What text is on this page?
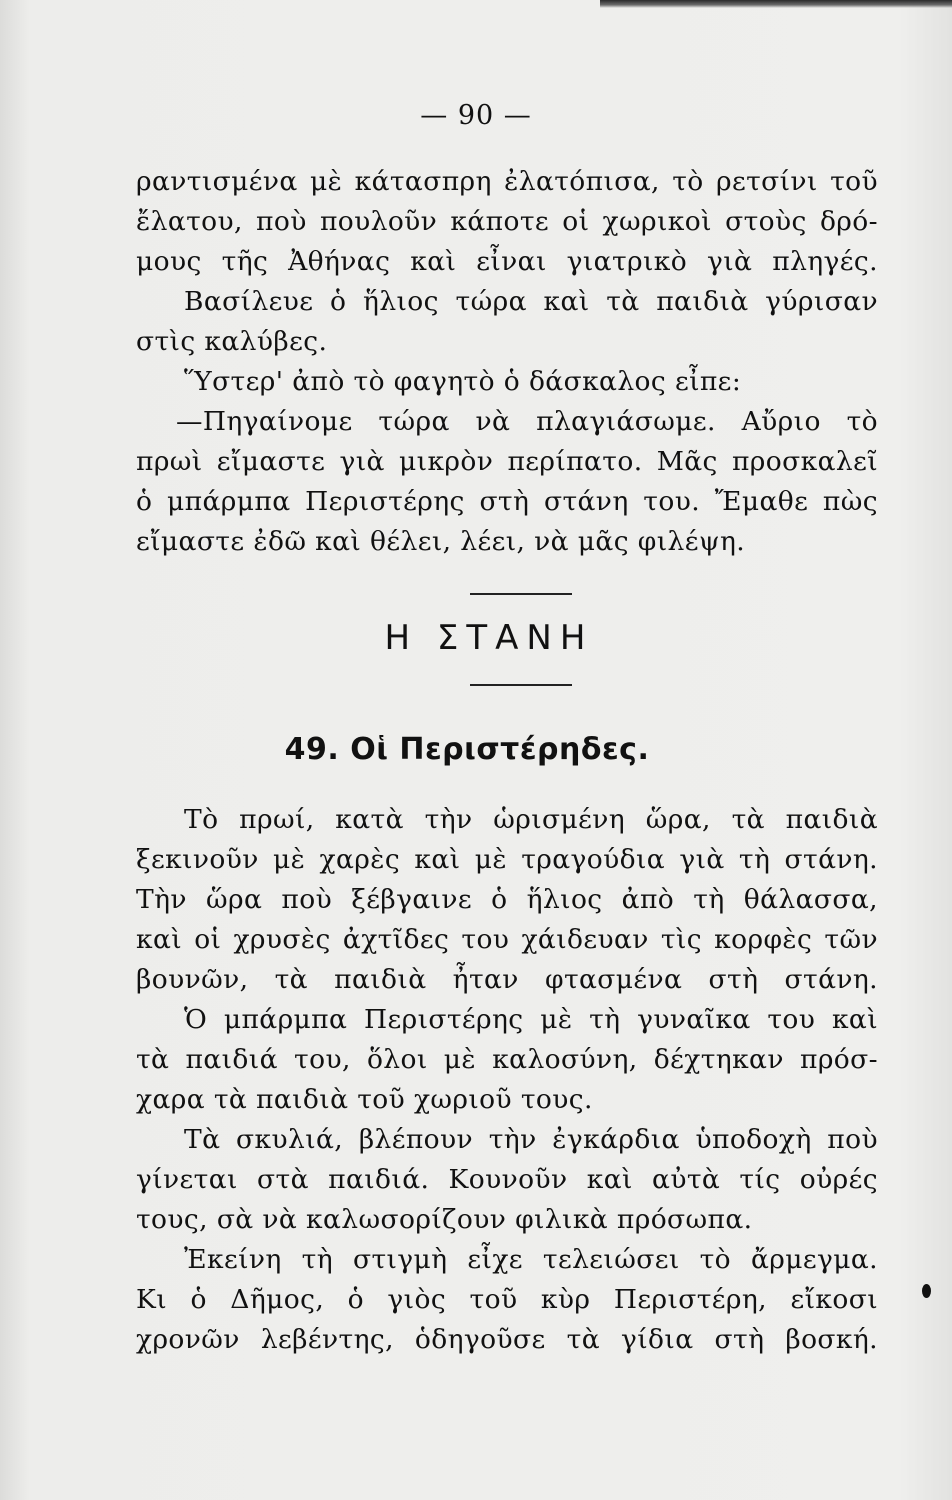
— 90 —
ραντισμένα μὲ κάτασπρη ἐλατόπισα, τὸ ρετσίνι τοῦ
ἔλατου, ποὺ πουλοῦν κάποτε οἱ χωρικοὶ στοὺς δρό-
μους τῆς Ἀθήνας καὶ εἶναι γιατρικὸ γιὰ πληγές.
Βασίλευε ὁ ἥλιος τώρα καὶ τὰ παιδιὰ γύρισαν
στὶς καλύβες.
Ὕστερ' ἀπὸ τὸ φαγητὸ ὁ δάσκαλος εἶπε:
—Πηγαίνομε τώρα νὰ πλαγιάσωμε. Αὔριο τὸ
πρωὶ εἴμαστε γιὰ μικρὸν περίπατο. Μᾶς προσκαλεῖ
ὁ μπάρμπα Περιστέρης στὴ στάνη του. Ἔμαθε πὼς
εἴμαστε ἐδῶ καὶ θέλει, λέει, νὰ μᾶς φιλέψη.
Η ΣΤΑΝΗ
49. Οἱ Περιστέρηδες.
Τὸ πρωί, κατὰ τὴν ὡρισμένη ὥρα, τὰ παιδιὰ
ξεκινοῦν μὲ χαρὲς καὶ μὲ τραγούδια γιὰ τὴ στάνη.
Τὴν ὥρα ποὺ ξέβγαινε ὁ ἥλιος ἀπὸ τὴ θάλασσα,
καὶ οἱ χρυσὲς ἀχτῖδες του χάιδευαν τὶς κορφὲς τῶν
βουνῶν, τὰ παιδιὰ ἦταν φτασμένα στὴ στάνη.
Ὁ μπάρμπα Περιστέρης μὲ τὴ γυναῖκα του καὶ
τὰ παιδιά του, ὅλοι μὲ καλοσύνη, δέχτηκαν πρόσ-
χαρα τὰ παιδιὰ τοῦ χωριοῦ τους.
Τὰ σκυλιά, βλέπουν τὴν ἐγκάρδια ὑποδοχὴ ποὺ
γίνεται στὰ παιδιά. Κουνοῦν καὶ αὐτὰ τίς οὐρές
τους, σὰ νὰ καλωσορίζουν φιλικὰ πρόσωπα.
Ἐκείνη τὴ στιγμὴ εἶχε τελειώσει τὸ ἄρμεγμα.
Κι ὁ Δῆμος, ὁ γιὸς τοῦ κὺρ Περιστέρη, εἴκοσι
χρονῶν λεβέντης, ὁδηγοῦσε τὰ γίδια στὴ βοσκή.
